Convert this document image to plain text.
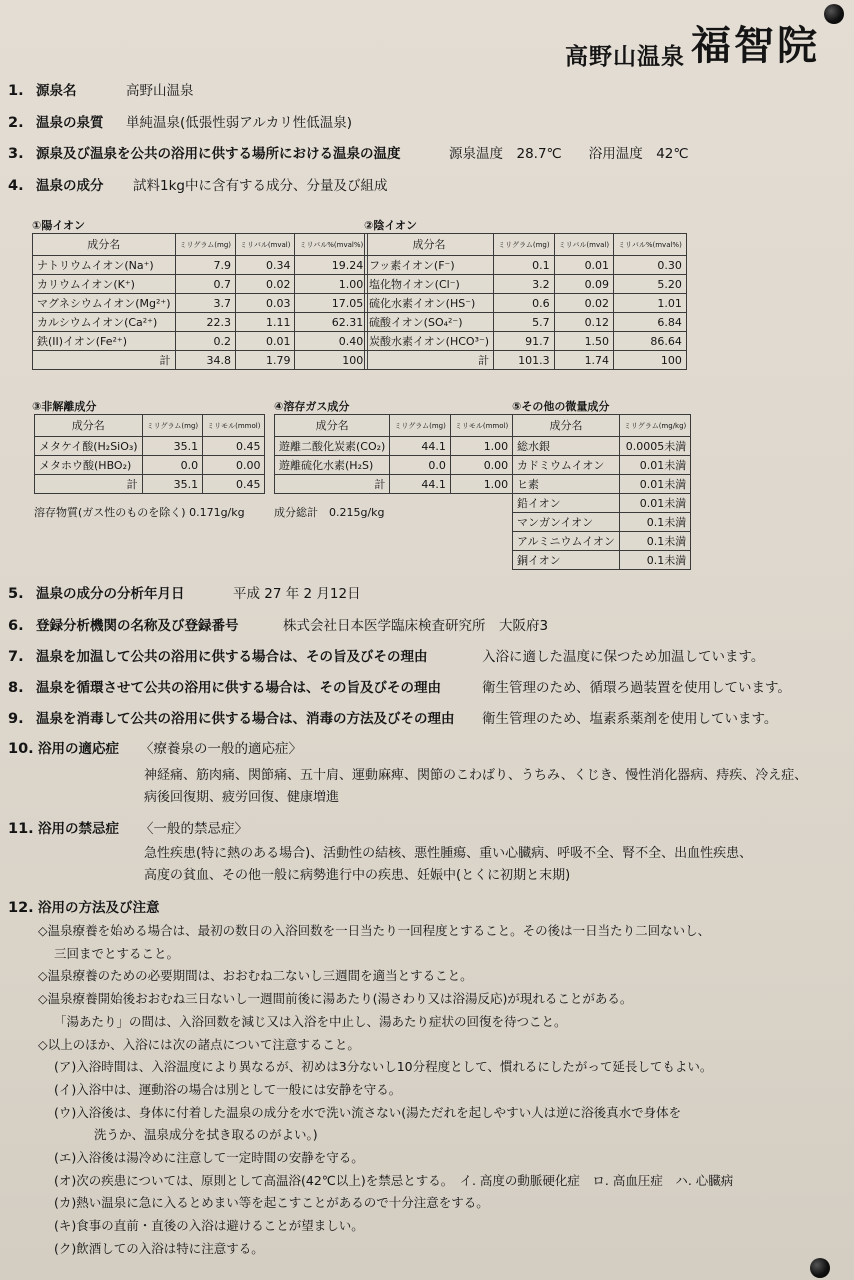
高野山温泉 福智院
1. 源泉名	高野山温泉
2. 温泉の泉質 単純温泉(低張性弱アルカリ性低温泉)
3. 源泉及び温泉を公共の浴用に供する場所における温泉の温度	源泉温度　28.7℃　　浴用温度　42℃
4. 温泉の成分 試料1kg中に含有する成分、分量及び組成
①陽イオン
成分名	ミリグラム(mg)	ミリバル(mval)	ミリバル%(mval%)
ナトリウムイオン(Na⁺)	7.9	0.34	19.24
カリウムイオン(K⁺)	0.7	0.02	1.00
マグネシウムイオン(Mg²⁺)	3.7	0.03	17.05
カルシウムイオン(Ca²⁺)	22.3	1.11	62.31
鉄(II)イオン(Fe²⁺)	0.2	0.01	0.40
計	34.8	1.79	100
②陰イオン
成分名	ミリグラム(mg)	ミリバル(mval)	ミリバル%(mval%)
フッ素イオン(F⁻)	0.1	0.01	0.30
塩化物イオン(Cl⁻)	3.2	0.09	5.20
硫化水素イオン(HS⁻)	0.6	0.02	1.01
硫酸イオン(SO₄²⁻)	5.7	0.12	6.84
炭酸水素イオン(HCO³⁻)	91.7	1.50	86.64
計	101.3	1.74	100
③非解離成分
成分名	ミリグラム(mg)	ミリモル(mmol)
メタケイ酸(H₂SiO₃)	35.1	0.45
メタホウ酸(HBO₂)	0.0	0.00
計	35.1	0.45
溶存物質(ガス性のものを除く) 0.171g/kg
④溶存ガス成分
成分名	ミリグラム(mg)	ミリモル(mmol)
遊離二酸化炭素(CO₂)	44.1	1.00
遊離硫化水素(H₂S)	0.0	0.00
計	44.1	1.00
成分総計　0.215g/kg
⑤その他の微量成分
成分名	ミリグラム(mg/kg)
総水銀	0.0005未満
カドミウムイオン	0.01未満
ヒ素	0.01未満
鉛イオン	0.01未満
マンガンイオン	0.1未満
アルミニウムイオン	0.1未満
銅イオン	0.1未満
5. 温泉の成分の分析年月日	平成 27 年 2 月12日
6. 登録分析機関の名称及び登録番号	株式会社日本医学臨床検査研究所　大阪府3
7. 温泉を加温して公共の浴用に供する場合は、その旨及びその理由	入浴に適した温度に保つため加温しています。
8. 温泉を循環させて公共の浴用に供する場合は、その旨及びその理由	衛生管理のため、循環ろ過装置を使用しています。
9. 温泉を消毒して公共の浴用に供する場合は、消毒の方法及びその理由 衛生管理のため、塩素系薬剤を使用しています。
10. 浴用の適応症 〈療養泉の一般的適応症〉
神経痛、筋肉痛、関節痛、五十肩、運動麻痺、関節のこわばり、うちみ、くじき、慢性消化器病、痔疾、冷え症、
病後回復期、疲労回復、健康増進
11. 浴用の禁忌症 〈一般的禁忌症〉
急性疾患(特に熱のある場合)、活動性の結核、悪性腫瘍、重い心臓病、呼吸不全、腎不全、出血性疾患、
高度の貧血、その他一般に病勢進行中の疾患、妊娠中(とくに初期と末期)
12. 浴用の方法及び注意
◇温泉療養を始める場合は、最初の数日の入浴回数を一日当たり一回程度とすること。その後は一日当たり二回ないし、
三回までとすること。
◇温泉療養のための必要期間は、おおむね二ないし三週間を適当とすること。
◇温泉療養開始後おおむね三日ないし一週間前後に湯あたり(湯さわり又は浴湯反応)が現れることがある。
「湯あたり」の間は、入浴回数を減じ又は入浴を中止し、湯あたり症状の回復を待つこと。
◇以上のほか、入浴には次の諸点について注意すること。
(ア)入浴時間は、入浴温度により異なるが、初めは3分ないし10分程度として、慣れるにしたがって延長してもよい。
(イ)入浴中は、運動浴の場合は別として一般には安静を守る。
(ウ)入浴後は、身体に付着した温泉の成分を水で洗い流さない(湯ただれを起しやすい人は逆に浴後真水で身体を
洗うか、温泉成分を拭き取るのがよい。)
(エ)入浴後は湯冷めに注意して一定時間の安静を守る。
(オ)次の疾患については、原則として高温浴(42℃以上)を禁忌とする。　イ. 高度の動脈硬化症　ロ. 高血圧症　ハ. 心臓病
(カ)熱い温泉に急に入るとめまい等を起こすことがあるので十分注意をする。
(キ)食事の直前・直後の入浴は避けることが望ましい。
(ク)飲酒しての入浴は特に注意する。
